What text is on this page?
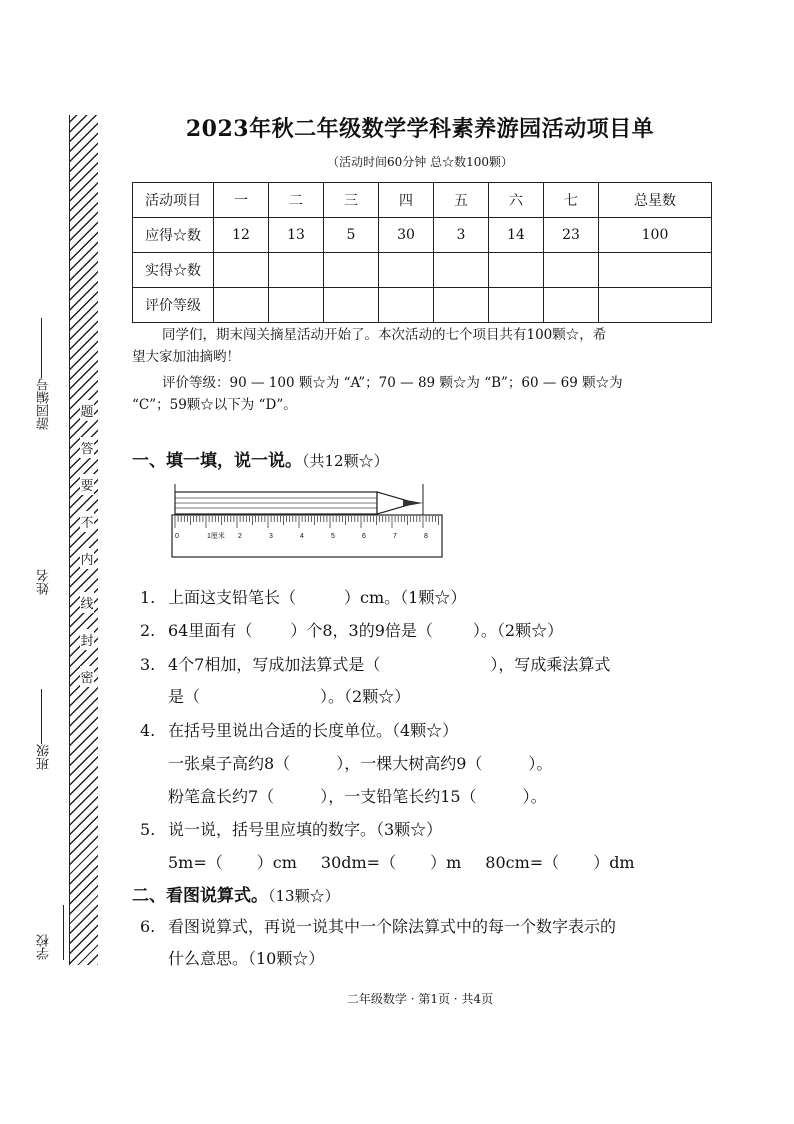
游园编号
姓名
班级
学校
题
答
要
不
内
线
封
密
2023年秋二年级数学学科素养游园活动项目单
（活动时间60分钟 总☆数100颗）
活动项目	一	二	三	四	五	六	七	总星数
应得☆数	12	13	5	30	3	14	23	100
实得☆数								
评价等级								
同学们，期末闯关摘星活动开始了。本次活动的七个项目共有100颗☆，希
望大家加油摘哟！
评价等级：90 — 100 颗☆为 “A”；70 — 89 颗☆为 “B”；60 — 69 颗☆为
“C”；59颗☆以下为 “D”。
一、填一填，说一说。（共12颗☆）
0	1厘米 2	3	4	5	6	7	8
1. 上面这支铅笔长（	）cm。（1颗☆）
2. 64里面有（ ）个8，3的9倍是（	）。（2颗☆）
3. 4个7相加，写成加法算式是（	），写成乘法算式
是（	）。（2颗☆）
4. 在括号里说出合适的长度单位。（4颗☆）
一张桌子高约8（	），一棵大树高约9（	）。
粉笔盒长约7（	），一支铅笔长约15（	）。
5. 说一说，括号里应填的数字。（3颗☆）
5m=（ ）cm 30dm=（ ）m 80cm=（ ）dm
二、看图说算式。（13颗☆）
6. 看图说算式，再说一说其中一个除法算式中的每一个数字表示的
什么意思。（10颗☆）
二年级数学 · 第1页 · 共4页
